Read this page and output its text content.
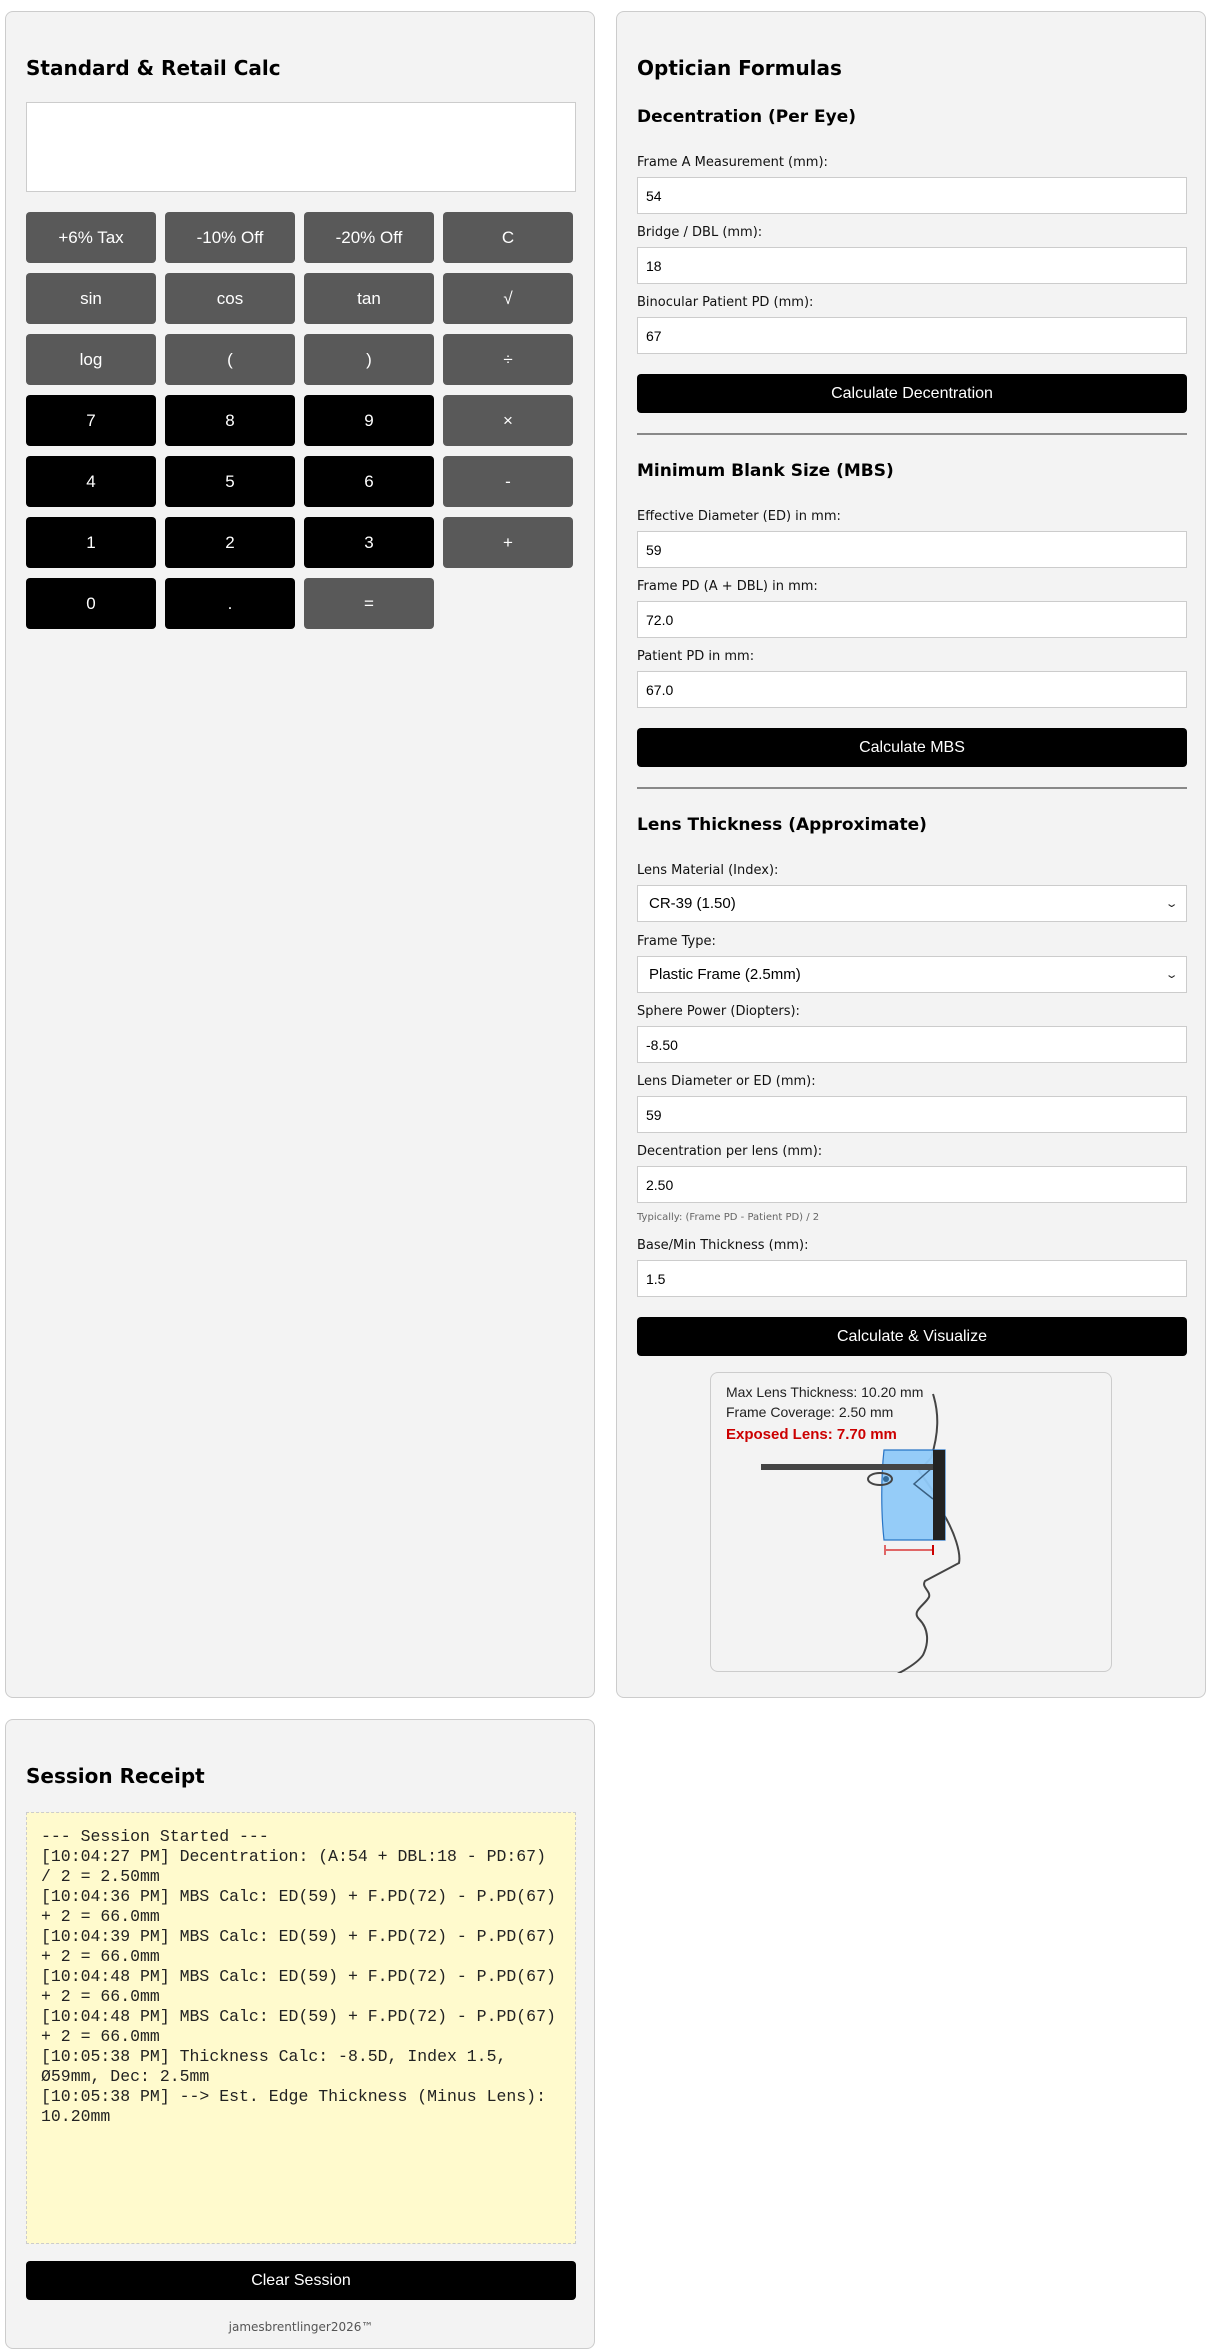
Standard & Retail Calc
+6% Tax	-10% Off	-20% Off	C
sin	cos	tan	√
log	(	)	÷
7	8	9	×
4	5	6	-
1	2	3	+
0	.	=
Optician Formulas
Decentration (Per Eye)
Frame A Measurement (mm):
54
Bridge / DBL (mm):
18
Binocular Patient PD (mm):
67
Calculate Decentration
Minimum Blank Size (MBS)
Effective Diameter (ED) in mm:
59
Frame PD (A + DBL) in mm:
72.0
Patient PD in mm:
67.0
Calculate MBS
Lens Thickness (Approximate)
Lens Material (Index):
CR-39 (1.50)	⌄
Frame Type:
Plastic Frame (2.5mm)	⌄
Sphere Power (Diopters):
-8.50
Lens Diameter or ED (mm):
59
Decentration per lens (mm):
2.50
Typically: (Frame PD - Patient PD) / 2
Base/Min Thickness (mm):
1.5
Calculate & Visualize
Max Lens Thickness: 10.20 mm
Frame Coverage: 2.50 mm
Exposed Lens: 7.70 mm
Session Receipt
--- Session Started ---
[10:04:27 PM] Decentration: (A:54 + DBL:18 - PD:67) / 2 = 2.50mm
[10:04:36 PM] MBS Calc: ED(59) + F.PD(72) - P.PD(67) + 2 = 66.0mm
[10:04:39 PM] MBS Calc: ED(59) + F.PD(72) - P.PD(67) + 2 = 66.0mm
[10:04:48 PM] MBS Calc: ED(59) + F.PD(72) - P.PD(67) + 2 = 66.0mm
[10:04:48 PM] MBS Calc: ED(59) + F.PD(72) - P.PD(67) + 2 = 66.0mm
[10:05:38 PM] Thickness Calc: -8.5D, Index 1.5, Ø59mm, Dec: 2.5mm
[10:05:38 PM] --> Est. Edge Thickness (Minus Lens): 10.20mm
Clear Session
jamesbrentlinger2026™
